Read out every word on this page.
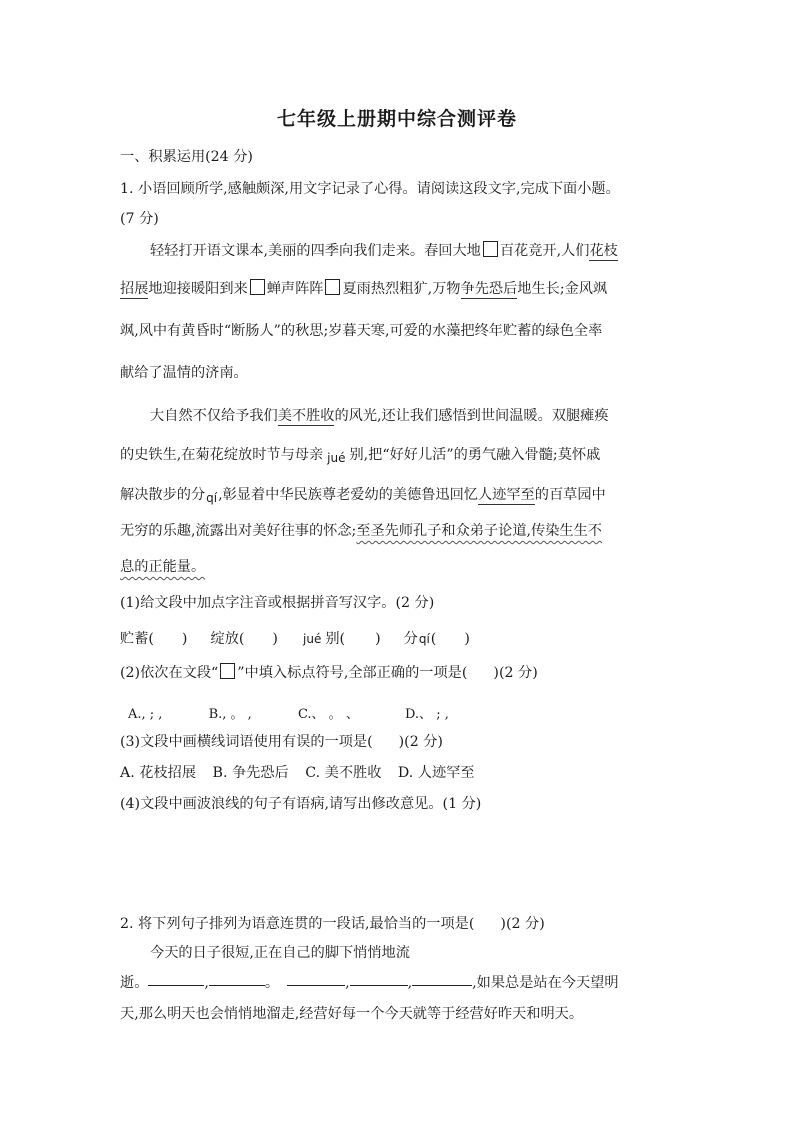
七年级上册期中综合测评卷
一、积累运用(24 分)
1. 小语回顾所学,感触颇深,用文字记录了心得。请阅读这段文字,完成下面小题。
(7 分)
轻轻打开语文课本,美丽的四季向我们走来。春回大地 百花竞开,人们花枝
招展地迎接暖阳到来 蝉声阵阵 夏雨热烈粗犷,万物争先恐后地生长;金风飒
飒,风中有黄昏时“断肠人”的秋思;岁暮天寒,可爱的水藻把终年贮蓄的绿色全率
献给了温情的济南。
大自然不仅给予我们美不胜收的风光,还让我们感悟到世间温暖。双腿瘫痪
的史铁生,在菊花绽放时节与母亲 $_{jué}$ 别,把“好好儿活”的勇气融入骨髓;莫怀戚
解决散步的分$_{qí}$,彰显着中华民族尊老爱幼的美德鲁迅回忆人迹罕至的百草园中
无穷的乐趣,流露出对美好往事的怀念;至圣先师孔子和众弟子论道,传染生生不
息的正能量。
(1)给文段中加点字注音或根据拼音写汉字。(2 分)
贮蓄( ) 绽放( ) jué 别( ) 分qí( )
(2)依次在文段“ ”中填入标点符号,全部正确的一项是( )(2 分)
A., ; ,	B., 。 ,	C.、 。 、	D.、 ; ,
(3)文段中画横线词语使用有误的一项是( )(2 分)
A. 花枝招展 B. 争先恐后 C. 美不胜收 D. 人迹罕至
(4)文段中画波浪线的句子有语病,请写出修改意见。(1 分)
2. 将下列句子排列为语意连贯的一段话,最恰当的一项是( )(2 分)
今天的日子很短,正在自己的脚下悄悄地流
逝。	,	。	,	,	,如果总是站在今天望明
天,那么明天也会悄悄地溜走,经营好每一个今天就等于经营好昨天和明天。
